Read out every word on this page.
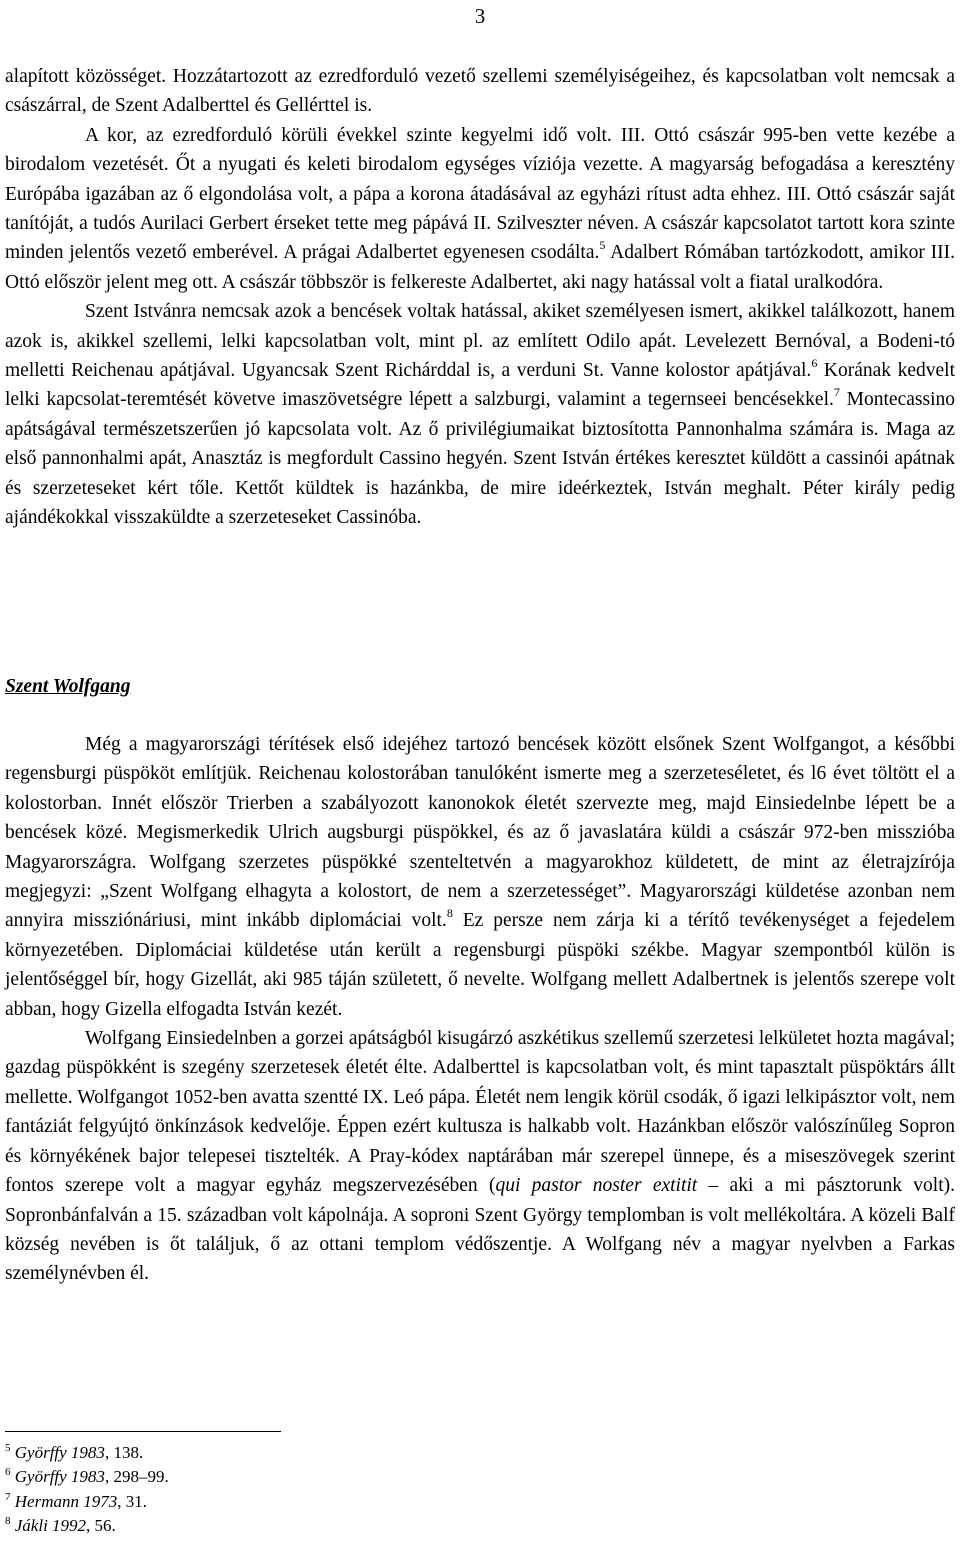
3

alapított közösséget. Hozzátartozott az ezredforduló vezető szellemi személyiségeihez, és kapcsolatban volt nemcsak a császárral, de Szent Adalberttel és Gellérttel is.

A kor, az ezredforduló körüli évekkel szinte kegyelmi idő volt. III. Ottó császár 995-ben vette kezébe a birodalom vezetését. Őt a nyugati és keleti birodalom egységes víziója vezette. A magyarság befogadása a keresztény Európába igazában az ő elgondolása volt, a pápa a korona átadásával az egyházi rítust adta ehhez. III. Ottó császár saját tanítóját, a tudós Aurilaci Gerbert érseket tette meg pápává II. Szilveszter néven. A császár kapcsolatot tartott kora szinte minden jelentős vezető emberével. A prágai Adalbertet egyenesen csodálta.$^5$ Adalbert Rómában tartózkodott, amikor III. Ottó először jelent meg ott. A császár többször is felkereste Adalbertet, aki nagy hatással volt a fiatal uralkodóra.

Szent Istvánra nemcsak azok a bencések voltak hatással, akiket személyesen ismert, akikkel találkozott, hanem azok is, akikkel szellemi, lelki kapcsolatban volt, mint pl. az említett Odilo apát. Levelezett Bernóval, a Bodeni-tó melletti Reichenau apátjával. Ugyancsak Szent Richárddal is, a verduni St. Vanne kolostor apátjával.$^6$ Korának kedvelt lelki kapcsolat-teremtését követve imaszövetségre lépett a salzburgi, valamint a tegernseei bencésekkel.$^7$ Montecassino apátságával természetszerűen jó kapcsolata volt. Az ő privilégiumaikat biztosította Pannonhalma számára is. Maga az első pannonhalmi apát, Anasztáz is megfordult Cassino hegyén. Szent István értékes keresztet küldött a cassinói apátnak és szerzeteseket kért tőle. Kettőt küldtek is hazánkba, de mire ideérkeztek, István meghalt. Péter király pedig ajándékokkal visszaküldte a szerzeteseket Cassinóba.

Szent Wolfgang

Még a magyarországi térítések első idejéhez tartozó bencések között elsőnek Szent Wolfgangot, a későbbi regensburgi püspököt említjük. Reichenau kolostorában tanulóként ismerte meg a szerzeteséletet, és l6 évet töltött el a kolostorban. Innét először Trierben a szabályozott kanonokok életét szervezte meg, majd Einsiedelnbe lépett be a bencések közé. Megismerkedik Ulrich augsburgi püspökkel, és az ő javaslatára küldi a császár 972-ben misszióba Magyarországra. Wolfgang szerzetes püspökké szenteltetvén a magyarokhoz küldetett, de mint az életrajzírója megjegyzi: „Szent Wolfgang elhagyta a kolostort, de nem a szerzetességet”. Magyarországi küldetése azonban nem annyira missziónáriusi, mint inkább diplomáciai volt.$^8$ Ez persze nem zárja ki a térítő tevékenységet a fejedelem környezetében. Diplomáciai küldetése után került a regensburgi püspöki székbe. Magyar szempontból külön is jelentőséggel bír, hogy Gizellát, aki 985 táján született, ő nevelte. Wolfgang mellett Adalbertnek is jelentős szerepe volt abban, hogy Gizella elfogadta István kezét.

Wolfgang Einsiedelnben a gorzei apátságból kisugárzó aszkétikus szellemű szerzetesi lelkületet hozta magával; gazdag püspökként is szegény szerzetesek életét élte. Adalberttel is kapcsolatban volt, és mint tapasztalt püspöktárs állt mellette. Wolfgangot 1052-ben avatta szentté IX. Leó pápa. Életét nem lengik körül csodák, ő igazi lelkipásztor volt, nem fantáziát felgyújtó önkínzások kedvelője. Éppen ezért kultusza is halkabb volt. Hazánkban először valószínűleg Sopron és környékének bajor telepesei tisztelték. A Pray-kódex naptárában már szerepel ünnepe, és a miseszövegek szerint fontos szerepe volt a magyar egyház megszervezésében (qui pastor noster extitit – aki a mi pásztorunk volt). Sopronbánfalván a 15. században volt kápolnája. A soproni Szent György templomban is volt mellékoltára. A közeli Balf község nevében is őt találjuk, ő az ottani templom védőszentje. A Wolfgang név a magyar nyelvben a Farkas személynévben él.

$^5$ Györffy 1983, 138.

$^6$ Györffy 1983, 298–99.

$^7$ Hermann 1973, 31.

$^8$ Jákli 1992, 56.
